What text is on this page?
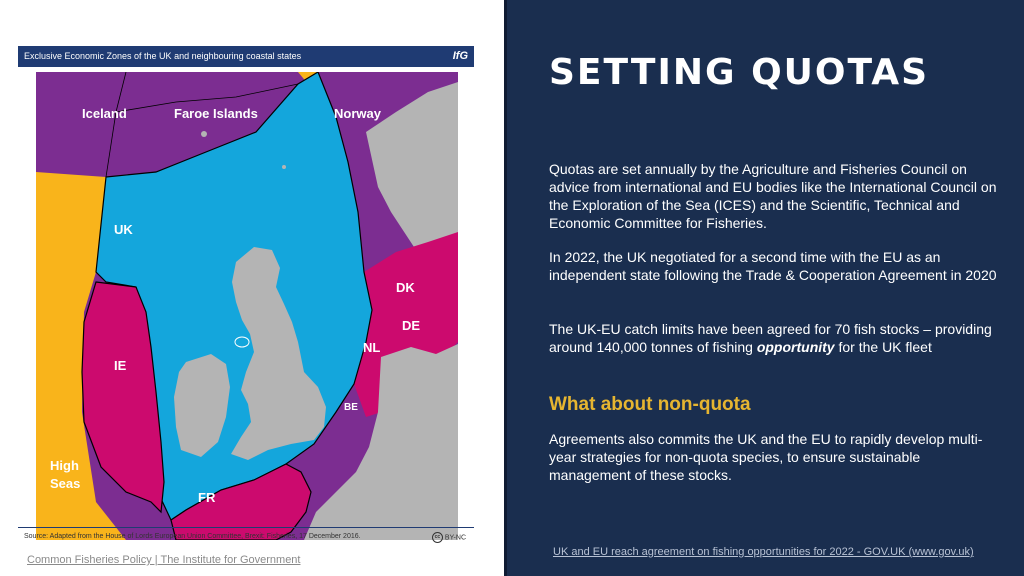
Exclusive Economic Zones of the UK and neighbouring coastal states	IfG
Iceland	Faroe Islands	Norway
UK
DK
DE
NL
BE
IE
FR
High
Seas
Source: Adapted from the House of Lords European Union Committee, Brexit: Fisheries, 17 December 2016.	cc BY-NC
Common Fisheries Policy | The Institute for Government
SETTING QUOTAS
Quotas are set annually by the Agriculture and Fisheries Council on advice from international and EU bodies like the International Council on the Exploration of the Sea (ICES) and the Scientific, Technical and Economic Committee for Fisheries.
In 2022, the UK negotiated for a second time with the EU as an independent state following the Trade & Cooperation Agreement in 2020
The UK-EU catch limits have been agreed for 70 fish stocks – providing around 140,000 tonnes of fishing opportunity for the UK fleet
What about non-quota
Agreements also commits the UK and the EU to rapidly develop multi-year strategies for non-quota species, to ensure sustainable management of these stocks.
UK and EU reach agreement on fishing opportunities for 2022 - GOV.UK (www.gov.uk)
